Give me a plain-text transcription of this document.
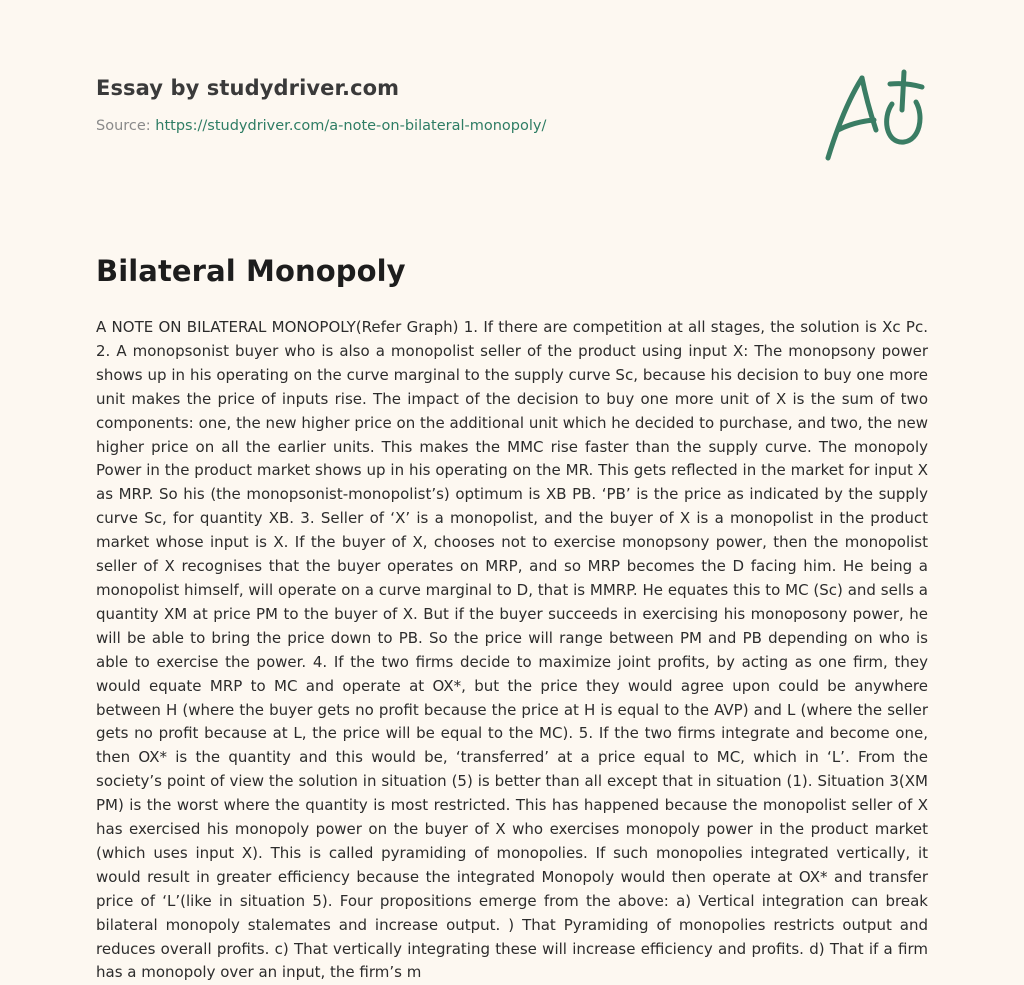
Essay by studydriver.com
Source: https://studydriver.com/a-note-on-bilateral-monopoly/
Bilateral Monopoly

A NOTE ON BILATERAL MONOPOLY(Refer Graph) 1. If there are competition at all stages, the solution is Xc Pc. 2. A monopsonist buyer who is also a monopolist seller of the product using input X: The monopsony power shows up in his operating on the curve marginal to the supply curve Sc, because his decision to buy one more unit makes the price of inputs rise. The impact of the decision to buy one more unit of X is the sum of two components: one, the new higher price on the additional unit which he decided to purchase, and two, the new higher price on all the earlier units. This makes the MMC rise faster than the supply curve. The monopoly Power in the product market shows up in his operating on the MR. This gets reflected in the market for input X as MRP. So his (the monopsonist-monopolist’s) optimum is XB PB. ‘PB’ is the price as indicated by the supply curve Sc, for quantity XB. 3. Seller of ‘X’ is a monopolist, and the buyer of X is a monopolist in the product market whose input is X. If the buyer of X, chooses not to exercise monopsony power, then the monopolist seller of X recognises that the buyer operates on MRP, and so MRP becomes the D facing him. He being a monopolist himself, will operate on a curve marginal to D, that is MMRP. He equates this to MC (Sc) and sells a quantity XM at price PM to the buyer of X. But if the buyer succeeds in exercising his monoposony power, he will be able to bring the price down to PB. So the price will range between PM and PB depending on who is able to exercise the power. 4. If the two firms decide to maximize joint profits, by acting as one firm, they would equate MRP to MC and operate at OX*, but the price they would agree upon could be anywhere between H (where the buyer gets no profit because the price at H is equal to the AVP) and L (where the seller gets no profit because at L, the price will be equal to the MC). 5. If the two firms integrate and become one, then OX* is the quantity and this would be, ‘transferred’ at a price equal to MC, which in ‘L’. From the society’s point of view the solution in situation (5) is better than all except that in situation (1). Situation 3(XM PM) is the worst where the quantity is most restricted. This has happened because the monopolist seller of X has exercised his monopoly power on the buyer of X who exercises monopoly power in the product market (which uses input X). This is called pyramiding of monopolies. If such monopolies integrated vertically, it would result in greater efficiency because the integrated Monopoly would then operate at OX* and transfer price of ‘L’(like in situation 5). Four propositions emerge from the above: a) Vertical integration can break bilateral monopoly stalemates and increase output. ) That Pyramiding of monopolies restricts output and reduces overall profits. c) That vertically integrating these will increase efficiency and profits. d) That if a firm has a monopoly over an input, the firm’s m
